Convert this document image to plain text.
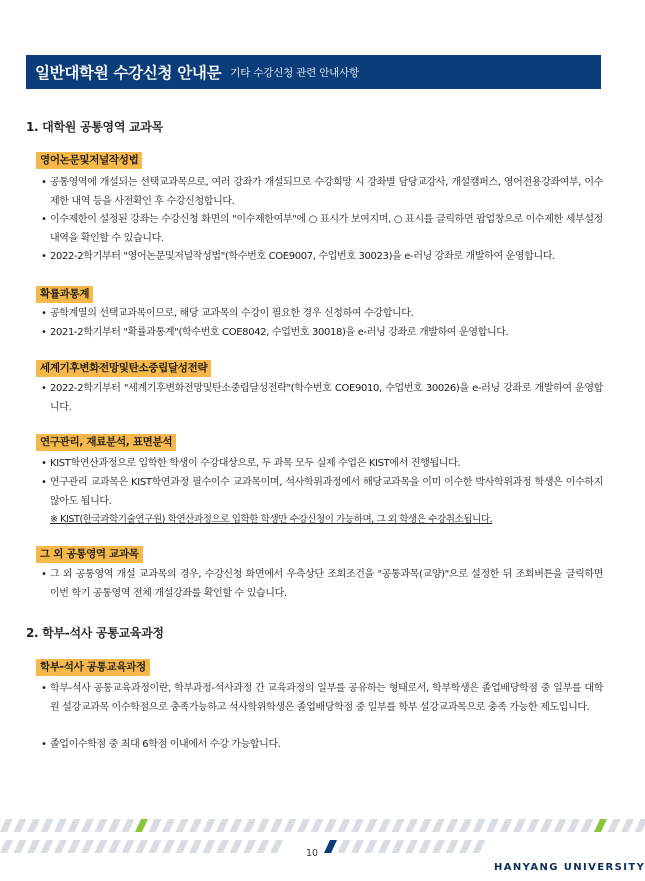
일반대학원 수강신청 안내문 기타 수강신청 관련 안내사항
1. 대학원 공통영역 교과목
영어논문및저널작성법
• 공통영역에 개설되는 선택교과목으로, 여러 강좌가 개설되므로 수강희망 시 강좌별 담당교강사, 개설캠퍼스, 영어전용강좌여부, 이수제한 내역 등을 사전확인 후 수강신청합니다.
• 이수제한이 설정된 강좌는 수강신청 화면의 "이수제한여부"에 ○ 표시가 보여지며, ○ 표시를 클릭하면 팝업창으로 이수제한 세부설정내역을 확인할 수 있습니다.
• 2022-2학기부터 "영어논문및저널작성법"(학수번호 COE9007, 수업번호 30023)을 e-러닝 강좌로 개발하여 운영합니다.
확률과통계
• 공학계열의 선택교과목이므로, 해당 교과목의 수강이 필요한 경우 신청하여 수강합니다.
• 2021-2학기부터 "확률과통계"(학수번호 COE8042, 수업번호 30018)을 e-러닝 강좌로 개발하여 운영합니다.
세계기후변화전망및탄소중립달성전략
• 2022-2학기부터 "세계기후변화전망및탄소중립달성전략"(학수번호 COE9010, 수업번호 30026)을 e-러닝 강좌로 개발하여 운영합니다.
연구관리, 재료분석, 표면분석
• KIST학연산과정으로 입학한 학생이 수강대상으로, 두 과목 모두 실제 수업은 KIST에서 진행됩니다.
• 연구관리 교과목은 KIST학연과정 필수이수 교과목이며, 석사학위과정에서 해당교과목을 이미 이수한 박사학위과정 학생은 이수하지 않아도 됩니다.
※ KIST(한국과학기술연구원) 학연산과정으로 입학한 학생만 수강신청이 가능하며, 그 외 학생은 수강취소됩니다.
그 외 공통영역 교과목
• 그 외 공통영역 개설 교과목의 경우, 수강신청 화면에서 우측상단 조회조건을 "공통과목(교양)"으로 설정한 뒤 조회버튼을 클릭하면 이번 학기 공통영역 전체 개설강좌를 확인할 수 있습니다.
2. 학부-석사 공통교육과정
학부-석사 공통교육과정
• 학부-석사 공통교육과정이란, 학부과정-석사과정 간 교육과정의 일부를 공유하는 형태로서, 학부학생은 졸업배당학점 중 일부를 대학원 설강교과목 이수학점으로 충족가능하고 석사학위학생은 졸업배당학점 중 일부를 학부 설강교과목으로 충족 가능한 제도입니다.
• 졸업이수학점 중 최대 6학점 이내에서 수강 가능합니다.
10
HANYANG UNIVERSITY
